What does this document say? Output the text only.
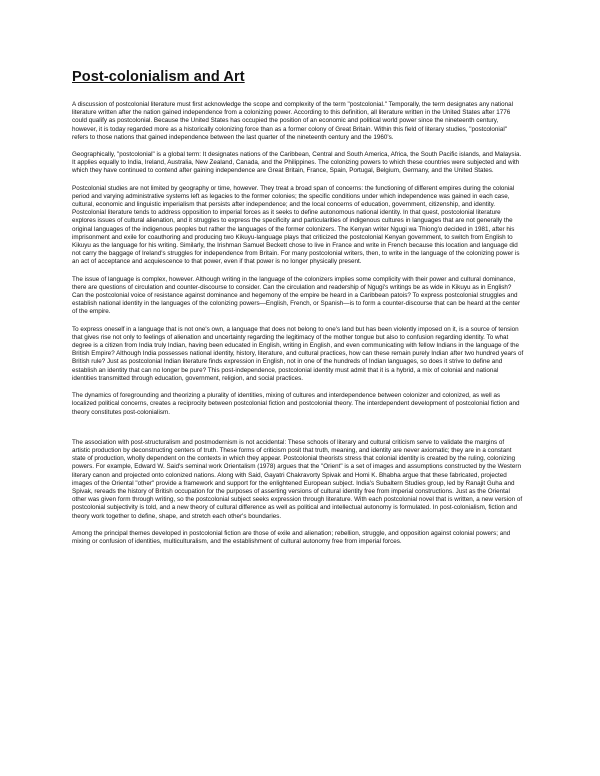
Post-colonialism and Art

A discussion of postcolonial literature must first acknowledge the scope and complexity of the term "postcolonial." Temporally, the term designates any national literature written after the nation gained independence from a colonizing power. According to this definition, all literature written in the United States after 1776 could qualify as postcolonial. Because the United States has occupied the position of an economic and political world power since the nineteenth century, however, it is today regarded more as a historically colonizing force than as a former colony of Great Britain. Within this field of literary studies, "postcolonial" refers to those nations that gained independence between the last quarter of the nineteenth century and the 1960's.

Geographically, "postcolonial" is a global term: It designates nations of the Caribbean, Central and South America, Africa, the South Pacific islands, and Malaysia. It applies equally to India, Ireland, Australia, New Zealand, Canada, and the Philippines. The colonizing powers to which these countries were subjected and with which they have continued to contend after gaining independence are Great Britain, France, Spain, Portugal, Belgium, Germany, and the United States.

Postcolonial studies are not limited by geography or time, however. They treat a broad span of concerns: the functioning of different empires during the colonial period and varying administrative systems left as legacies to the former colonies; the specific conditions under which independence was gained in each case, cultural, economic and linguistic imperialism that persists after independence; and the local concerns of education, government, citizenship, and identity. Postcolonial literature tends to address opposition to imperial forces as it seeks to define autonomous national identity. In that quest, postcolonial literature explores issues of cultural alienation, and it struggles to express the specificity and particularities of indigenous cultures in languages that are not generally the original languages of the indigenous peoples but rather the languages of the former colonizers. The Kenyan writer Ngugi wa Thiong'o decided in 1981, after his imprisonment and exile for coauthoring and producing two Kikuyu-language plays that criticized the postcolonial Kenyan government, to switch from English to Kikuyu as the language for his writing. Similarly, the Irishman Samuel Beckett chose to live in France and write in French because this location and language did not carry the baggage of Ireland's struggles for independence from Britain. For many postcolonial writers, then, to write in the language of the colonizing power is an act of acceptance and acquiescence to that power, even if that power is no longer physically present.

The issue of language is complex, however. Although writing in the language of the colonizers implies some complicity with their power and cultural dominance, there are questions of circulation and counter-discourse to consider. Can the circulation and readership of Ngugi's writings be as wide in Kikuyu as in English? Can the postcolonial voice of resistance against dominance and hegemony of the empire be heard in a Caribbean patois? To express postcolonial struggles and establish national identity in the languages of the colonizing powers—English, French, or Spanish—is to form a counter-discourse that can be heard at the center of the empire.

To express oneself in a language that is not one's own, a language that does not belong to one's land but has been violently imposed on it, is a source of tension that gives rise not only to feelings of alienation and uncertainty regarding the legitimacy of the mother tongue but also to confusion regarding identity. To what degree is a citizen from India truly Indian, having been educated in English, writing in English, and even communicating with fellow Indians in the language of the British Empire? Although India possesses national identity, history, literature, and cultural practices, how can these remain purely Indian after two hundred years of British rule? Just as postcolonial Indian literature finds expression in English, not in one of the hundreds of Indian languages, so does it strive to define and establish an identity that can no longer be pure? This post-independence, postcolonial identity must admit that it is a hybrid, a mix of colonial and national identities transmitted through education, government, religion, and social practices.

The dynamics of foregrounding and theorizing a plurality of identities, mixing of cultures and interdependence between colonizer and colonized, as well as localized political concerns, creates a reciprocity between postcolonial fiction and postcolonial theory. The interdependent development of postcolonial fiction and theory constitutes post-colonialism.

The association with post-structuralism and postmodernism is not accidental: These schools of literary and cultural criticism serve to validate the margins of artistic production by deconstructing centers of truth. These forms of criticism posit that truth, meaning, and identity are never axiomatic; they are in a constant state of production, wholly dependent on the contexts in which they appear. Postcolonial theorists stress that colonial identity is created by the ruling, colonizing powers. For example, Edward W. Said's seminal work Orientalism (1978) argues that the "Orient" is a set of images and assumptions constructed by the Western literary canon and projected onto colonized nations. Along with Said, Gayatri Chakravorty Spivak and Homi K. Bhabha argue that these fabricated, projected images of the Oriental "other" provide a framework and support for the enlightened European subject. India's Subaltern Studies group, led by Ranajit Guha and Spivak, rereads the history of British occupation for the purposes of asserting versions of cultural identity free from imperial constructions. Just as the Oriental other was given form through writing, so the postcolonial subject seeks expression through literature. With each postcolonial novel that is written, a new version of postcolonial subjectivity is told, and a new theory of cultural difference as well as political and intellectual autonomy is formulated. In post-colonialism, fiction and theory work together to define, shape, and stretch each other's boundaries.

Among the principal themes developed in postcolonial fiction are those of exile and alienation; rebellion, struggle, and opposition against colonial powers; and mixing or confusion of identities, multiculturalism, and the establishment of cultural autonomy free from imperial forces.
